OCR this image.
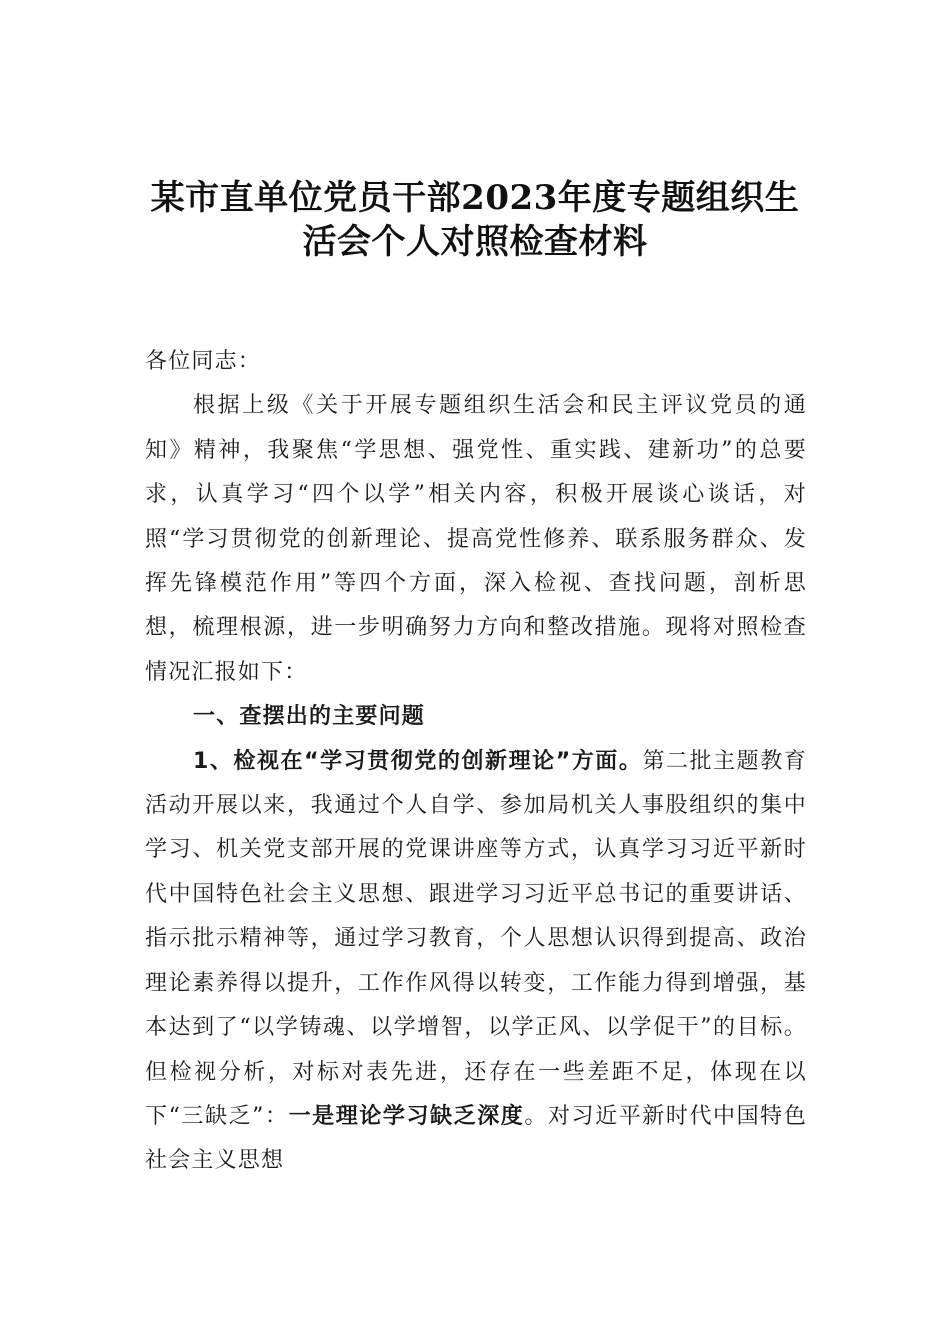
某市直单位党员干部2023年度专题组织生
活会个人对照检查材料

各位同志：

根据上级《关于开展专题组织生活会和民主评议党员的通知》精神，我聚焦“学思想、强党性、重实践、建新功”的总要求，认真学习“四个以学”相关内容，积极开展谈心谈话，对照“学习贯彻党的创新理论、提高党性修养、联系服务群众、发挥先锋模范作用”等四个方面，深入检视、查找问题，剖析思想，梳理根源，进一步明确努力方向和整改措施。现将对照检查情况汇报如下：

一、查摆出的主要问题

1、检视在“学习贯彻党的创新理论”方面。第二批主题教育活动开展以来，我通过个人自学、参加局机关人事股组织的集中学习、机关党支部开展的党课讲座等方式，认真学习习近平新时代中国特色社会主义思想、跟进学习习近平总书记的重要讲话、指示批示精神等，通过学习教育，个人思想认识得到提高、政治理论素养得以提升，工作作风得以转变，工作能力得到增强，基本达到了“以学铸魂、以学增智，以学正风、以学促干”的目标。但检视分析，对标对表先进，还存在一些差距不足，体现在以下“三缺乏”：一是理论学习缺乏深度。对习近平新时代中国特色社会主义思想
